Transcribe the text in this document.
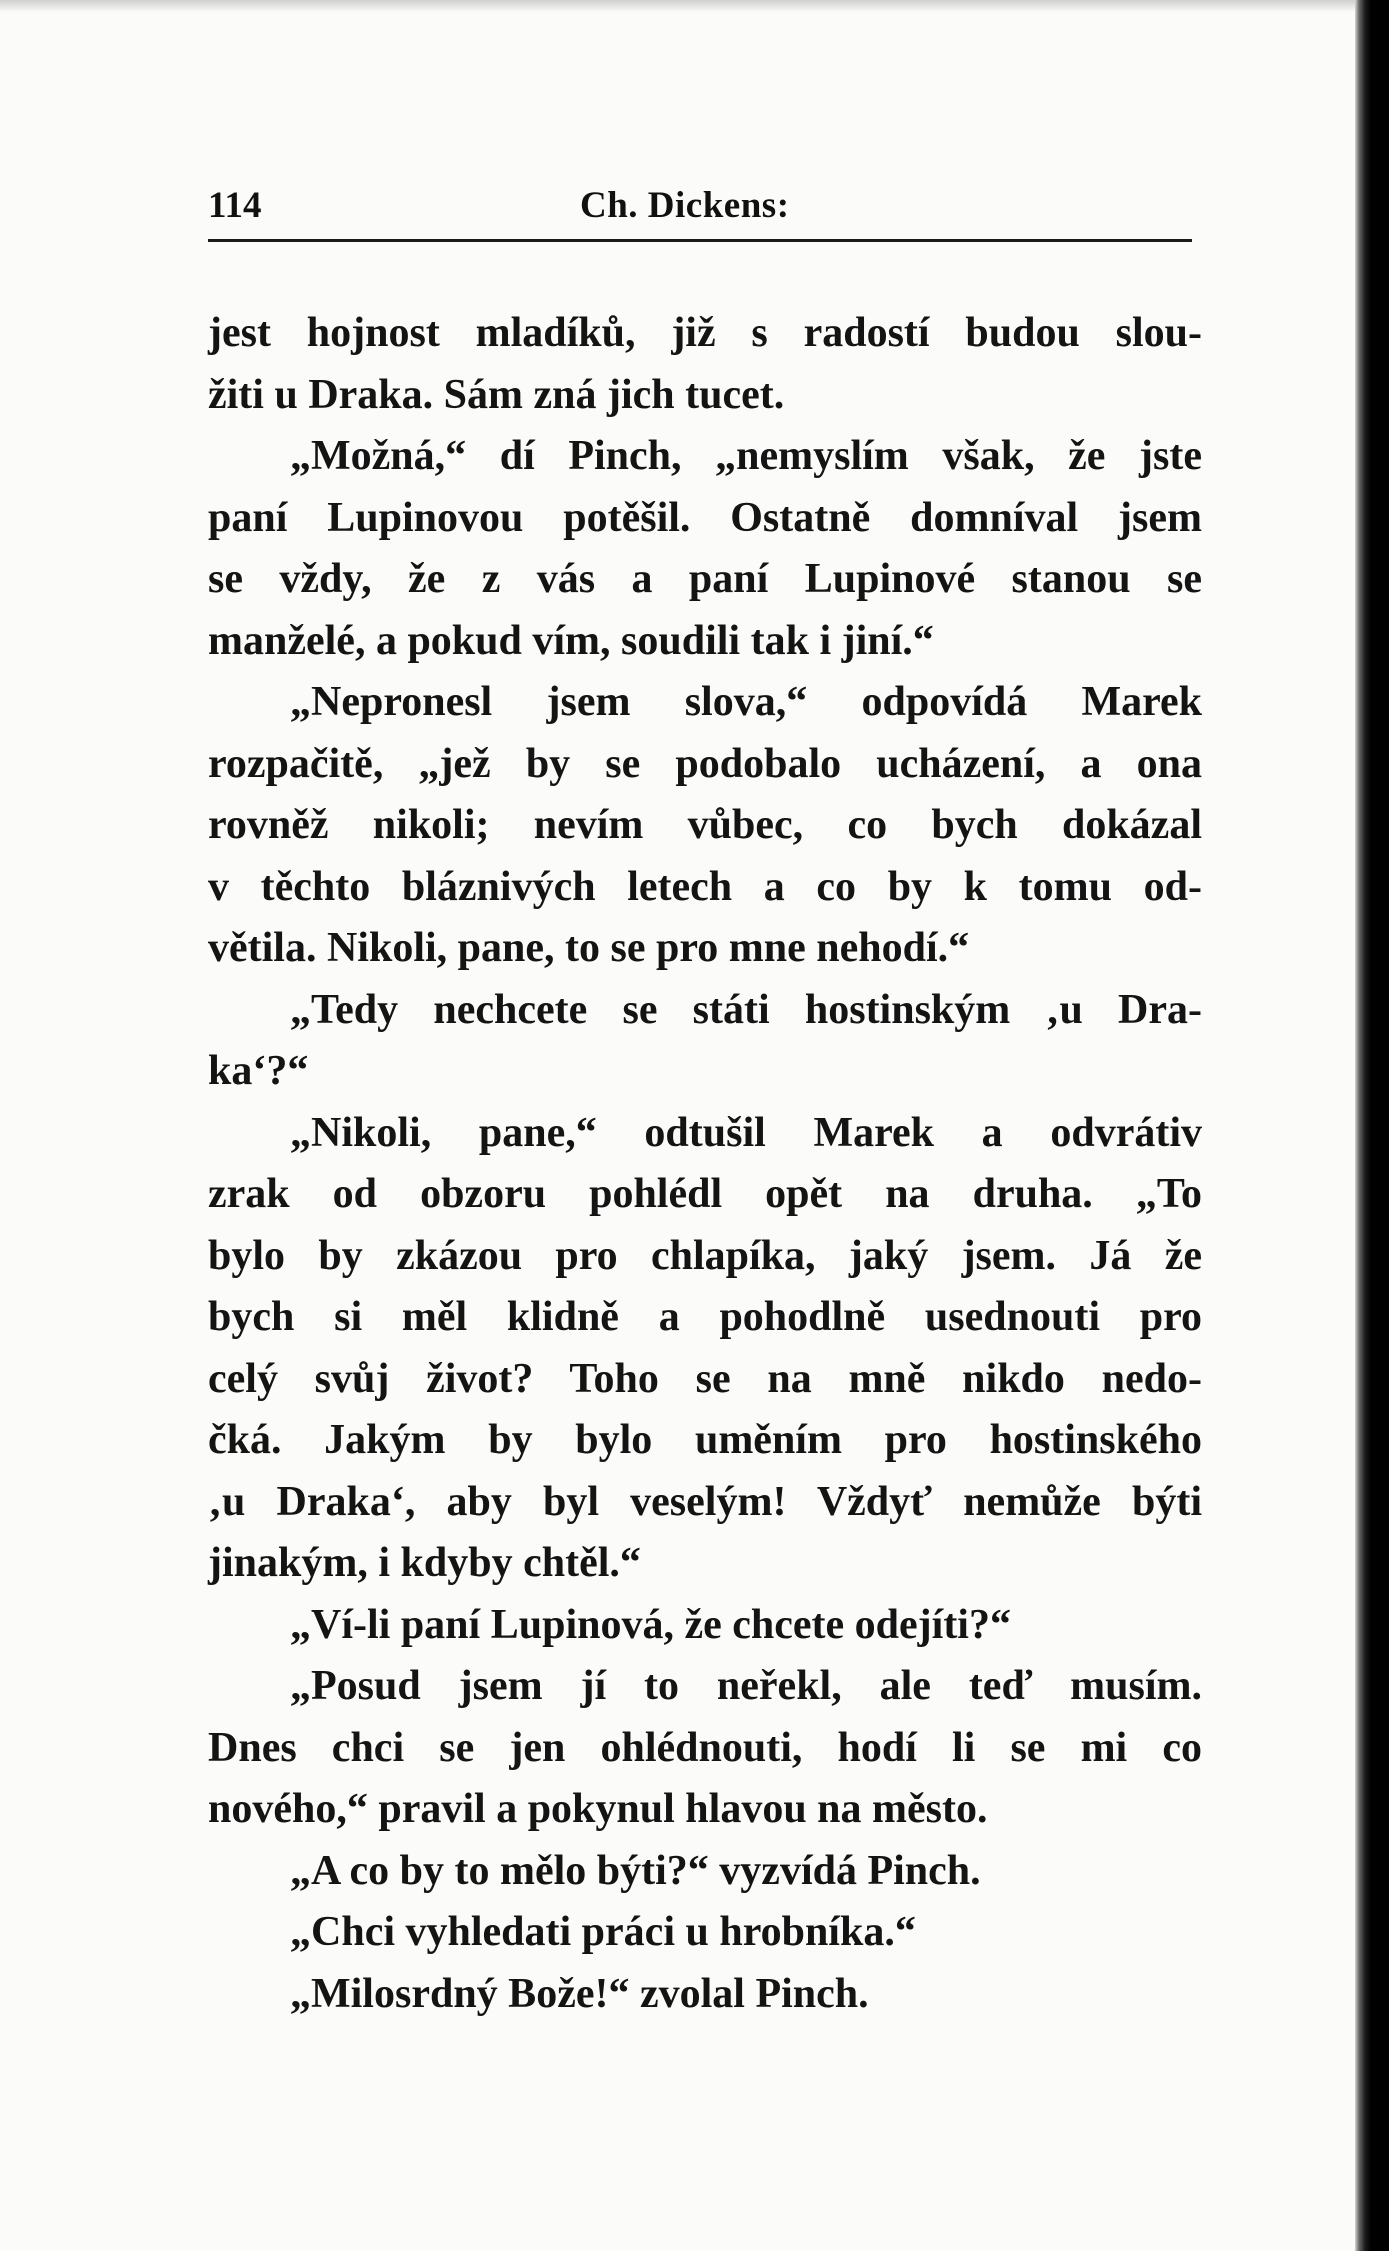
114	Ch. Dickens:
jest hojnost mladíků, již s radostí budou slou-
žiti u Draka. Sám zná jich tucet.
„Možná,“ dí Pinch, „nemyslím však, že jste
paní Lupinovou potěšil. Ostatně domníval jsem
se vždy, že z vás a paní Lupinové stanou se
manželé, a pokud vím, soudili tak i jiní.“
„Nepronesl jsem slova,“ odpovídá Marek
rozpačitě, „jež by se podobalo ucházení, a ona
rovněž nikoli; nevím vůbec, co bych dokázal
v těchto bláznivých letech a co by k tomu od-
větila. Nikoli, pane, to se pro mne nehodí.“
„Tedy nechcete se státi hostinským ‚u Dra-
ka‘?“
„Nikoli, pane,“ odtušil Marek a odvrátiv
zrak od obzoru pohlédl opět na druha. „To
bylo by zkázou pro chlapíka, jaký jsem. Já že
bych si měl klidně a pohodlně usednouti pro
celý svůj život? Toho se na mně nikdo nedo-
čká. Jakým by bylo uměním pro hostinského
‚u Draka‘, aby byl veselým! Vždyť nemůže býti
jinakým, i kdyby chtěl.“
„Ví-li paní Lupinová, že chcete odejíti?“
„Posud jsem jí to neřekl, ale teď musím.
Dnes chci se jen ohlédnouti, hodí li se mi co
nového,“ pravil a pokynul hlavou na město.
„A co by to mělo býti?“ vyzvídá Pinch.
„Chci vyhledati práci u hrobníka.“
„Milosrdný Bože!“ zvolal Pinch.
